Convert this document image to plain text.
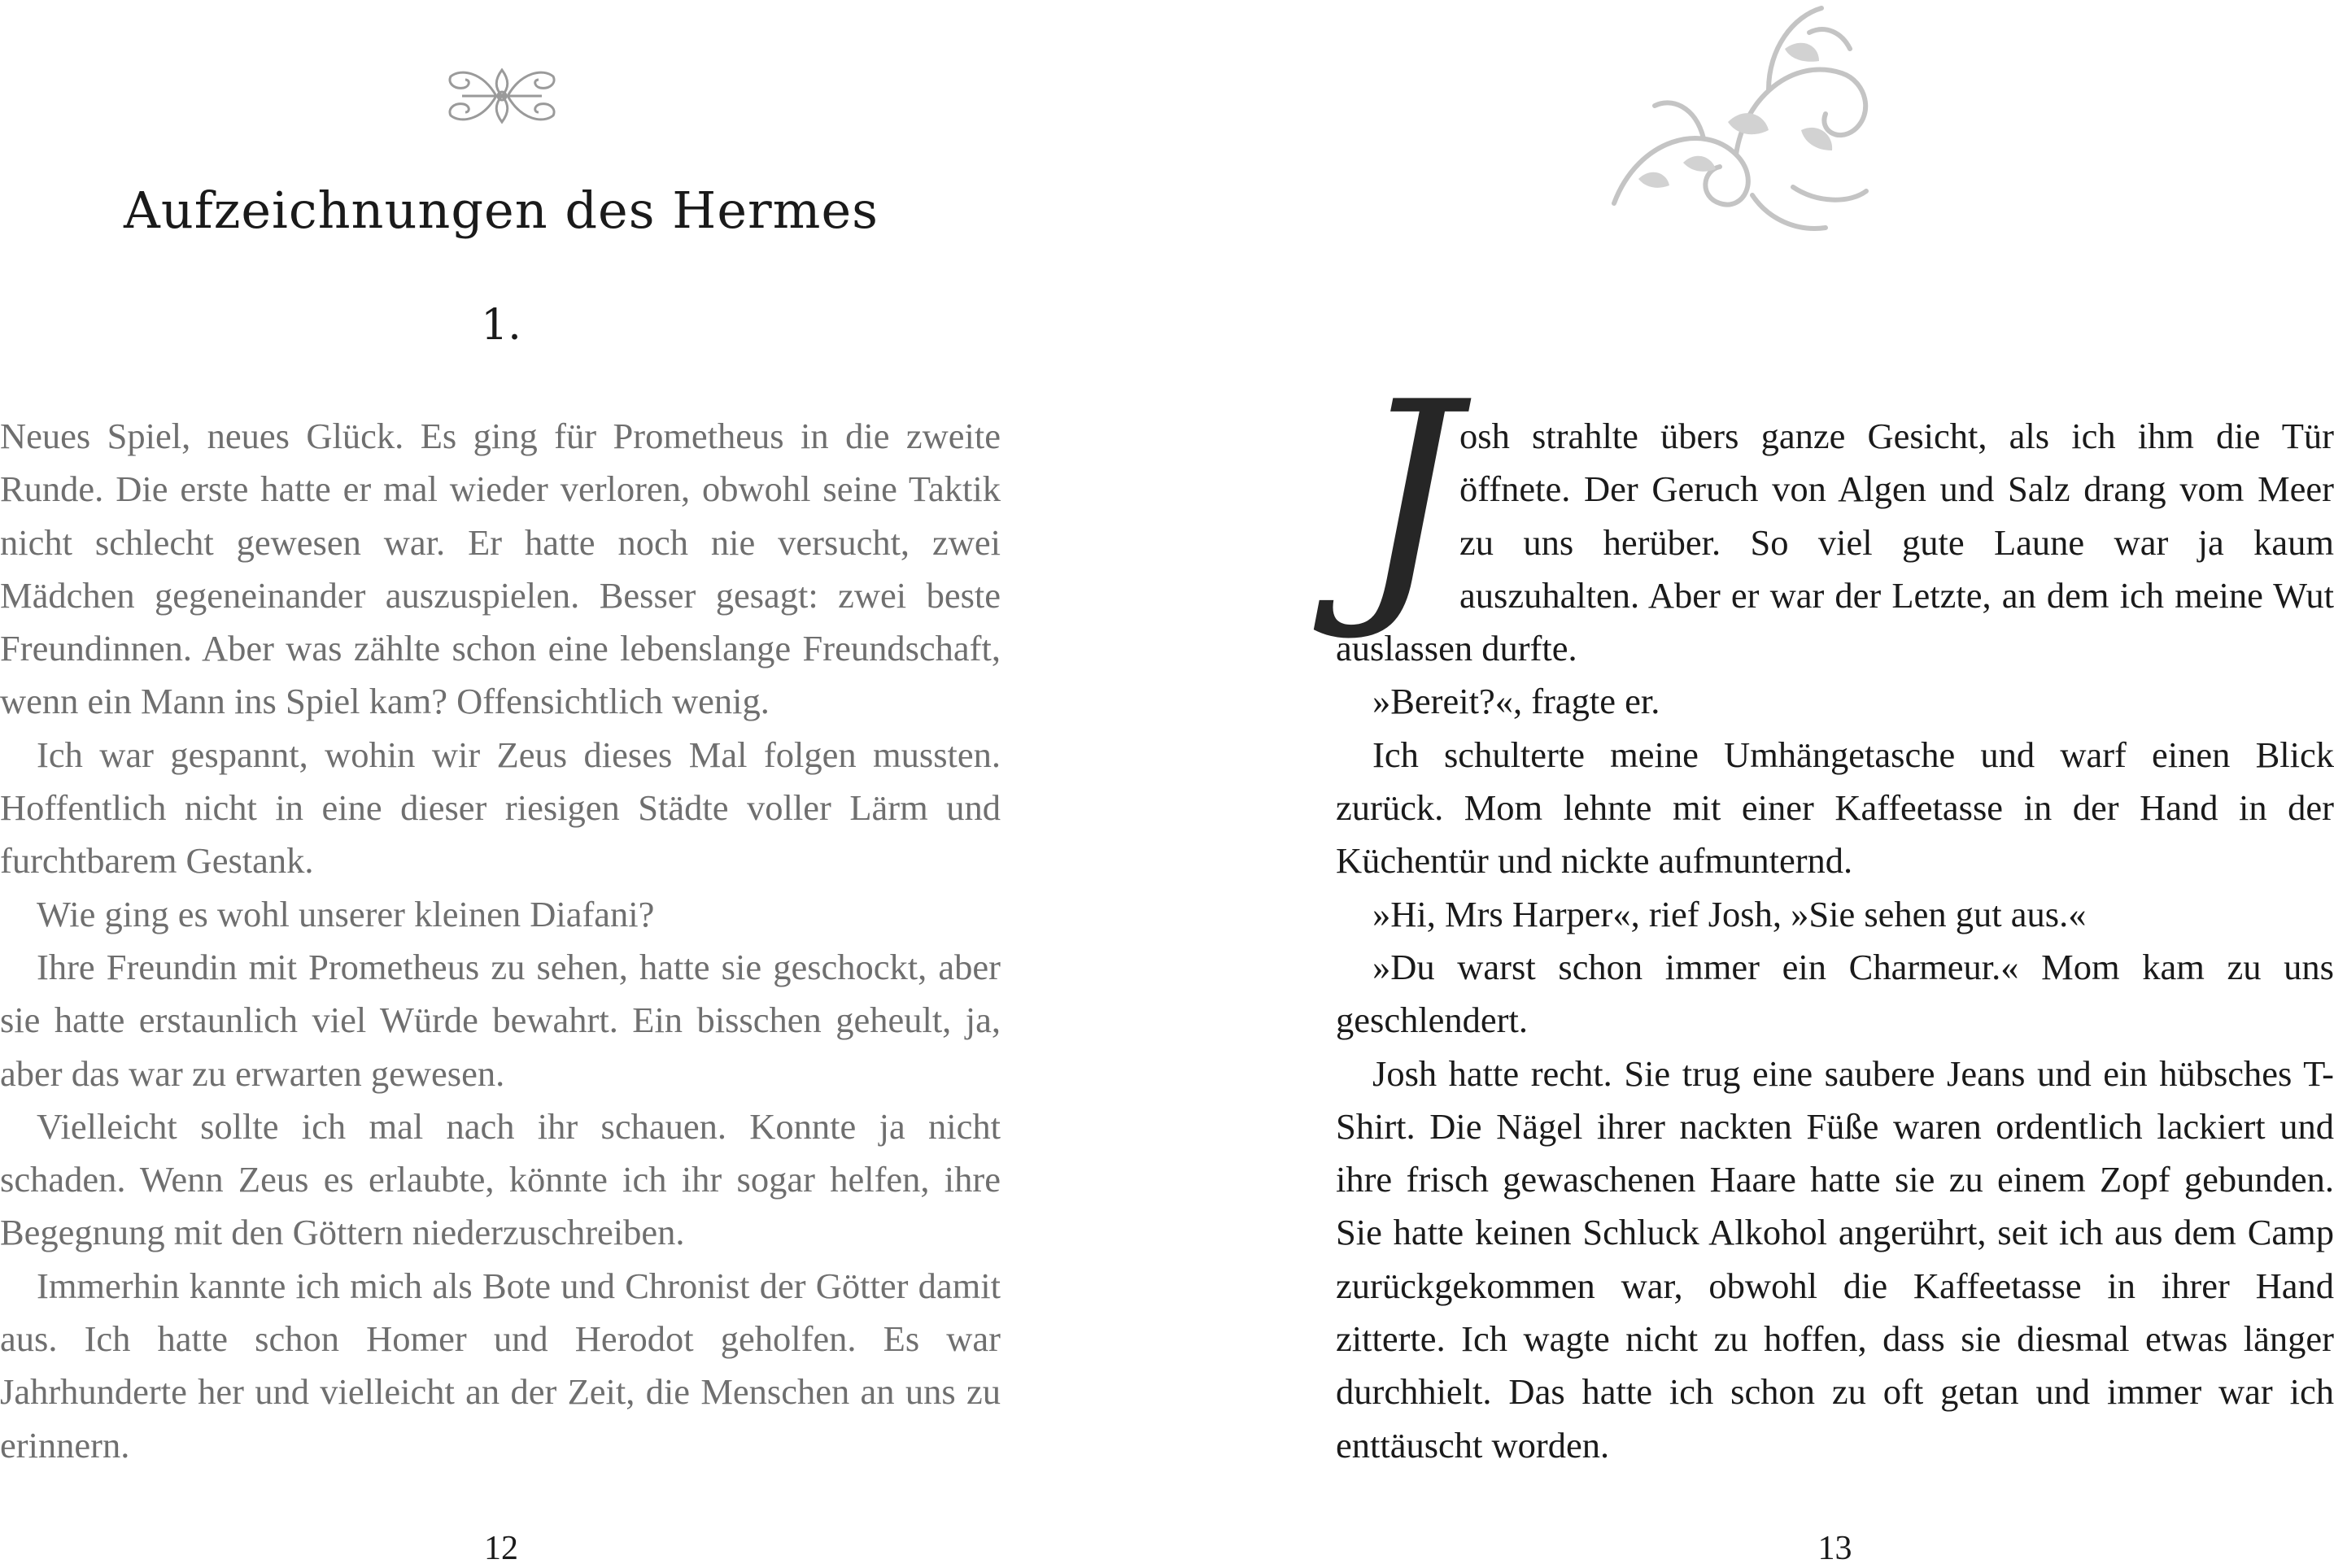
Aufzeichnungen des Hermes
1.

Neues Spiel, neues Glück. Es ging für Prometheus in die zweite Runde. Die erste hatte er mal wieder verloren, obwohl seine Taktik nicht schlecht gewesen war. Er hatte noch nie versucht, zwei Mädchen gegeneinander auszuspielen. Besser gesagt: zwei beste Freundinnen. Aber was zählte schon eine lebenslange Freundschaft, wenn ein Mann ins Spiel kam? Offensichtlich wenig.

Ich war gespannt, wohin wir Zeus dieses Mal folgen mussten. Hoffentlich nicht in eine dieser riesigen Städte voller Lärm und furchtbarem Gestank.

Wie ging es wohl unserer kleinen Diafani?

Ihre Freundin mit Prometheus zu sehen, hatte sie geschockt, aber sie hatte erstaunlich viel Würde bewahrt. Ein bisschen geheult, ja, aber das war zu erwarten gewesen.

Vielleicht sollte ich mal nach ihr schauen. Konnte ja nicht schaden. Wenn Zeus es erlaubte, könnte ich ihr sogar helfen, ihre Begegnung mit den Göttern niederzuschreiben.

Immerhin kannte ich mich als Bote und Chronist der Götter damit aus. Ich hatte schon Homer und Herodot geholfen. Es war Jahrhunderte her und vielleicht an der Zeit, die Menschen an uns zu erinnern.

12

Josh strahlte übers ganze Gesicht, als ich ihm die Tür öffnete. Der Geruch von Algen und Salz drang vom Meer zu uns herüber. So viel gute Laune war ja kaum auszuhalten. Aber er war der Letzte, an dem ich meine Wut auslassen durfte.

»Bereit?«, fragte er.

Ich schulterte meine Umhängetasche und warf einen Blick zurück. Mom lehnte mit einer Kaffeetasse in der Hand in der Küchentür und nickte aufmunternd.

»Hi, Mrs Harper«, rief Josh, »Sie sehen gut aus.«

»Du warst schon immer ein Charmeur.« Mom kam zu uns geschlendert.

Josh hatte recht. Sie trug eine saubere Jeans und ein hübsches T-Shirt. Die Nägel ihrer nackten Füße waren ordentlich lackiert und ihre frisch gewaschenen Haare hatte sie zu einem Zopf gebunden. Sie hatte keinen Schluck Alkohol angerührt, seit ich aus dem Camp zurückgekommen war, obwohl die Kaffeetasse in ihrer Hand zitterte. Ich wagte nicht zu hoffen, dass sie diesmal etwas länger durchhielt. Das hatte ich schon zu oft getan und immer war ich enttäuscht worden.

13
